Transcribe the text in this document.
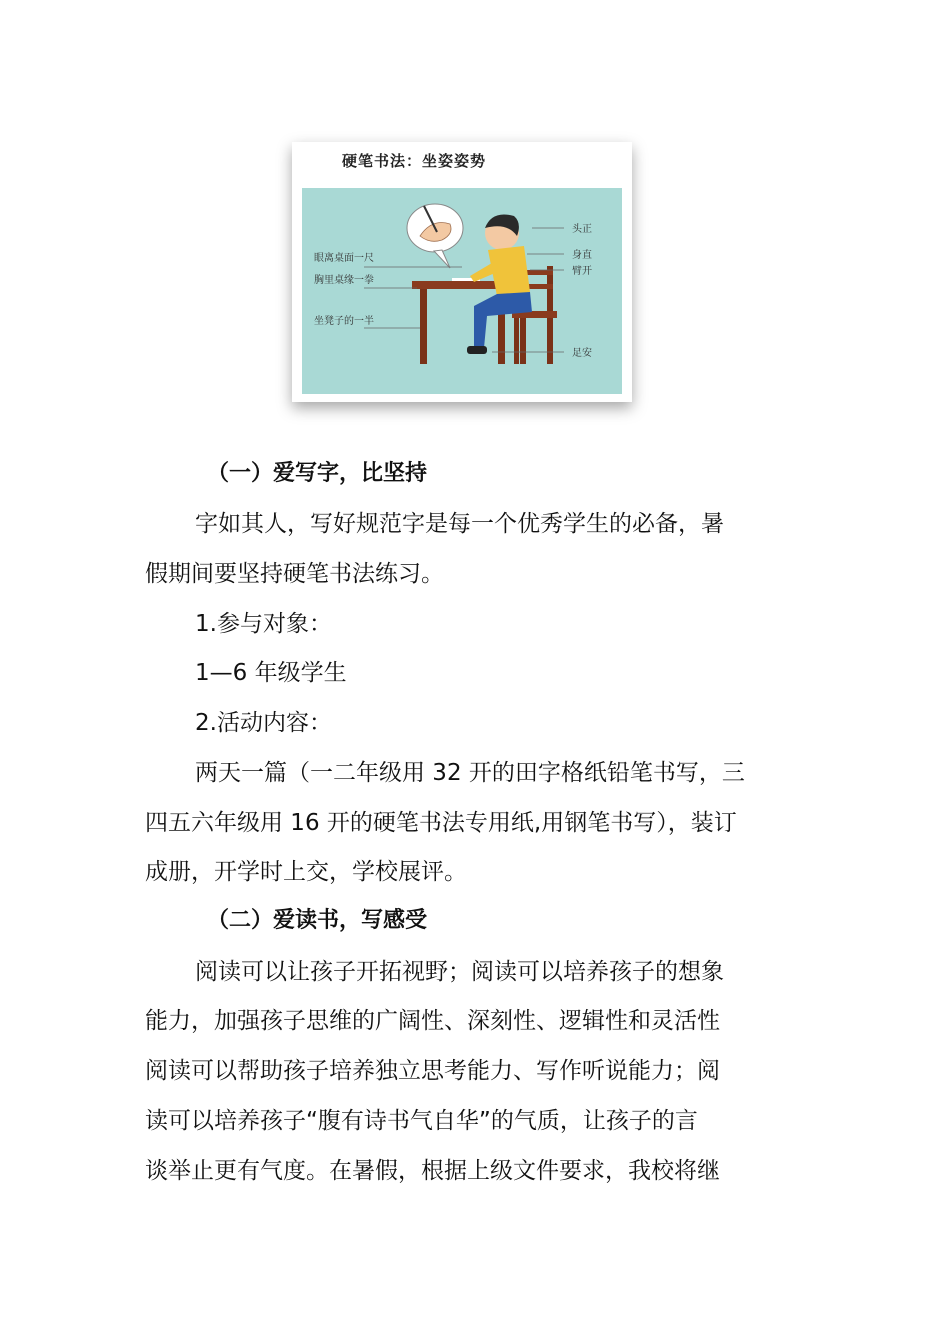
硬笔书法：坐姿姿势
眼离桌面一尺
胸里桌缘一拳
坐凳子的一半
头正
身直
臂开
足安
（一）爱写字，比坚持
字如其人，写好规范字是每一个优秀学生的必备，暑
假期间要坚持硬笔书法练习。
1.参与对象：
1—6 年级学生
2.活动内容：
两天一篇（一二年级用 32 开的田字格纸铅笔书写，三
四五六年级用 16 开的硬笔书法专用纸,用钢笔书写），装订
成册，开学时上交，学校展评。
（二）爱读书，写感受
阅读可以让孩子开拓视野；阅读可以培养孩子的想象
能力，加强孩子思维的广阔性、深刻性、逻辑性和灵活性
阅读可以帮助孩子培养独立思考能力、写作听说能力；阅
读可以培养孩子“腹有诗书气自华”的气质，让孩子的言
谈举止更有气度。在暑假，根据上级文件要求，我校将继
